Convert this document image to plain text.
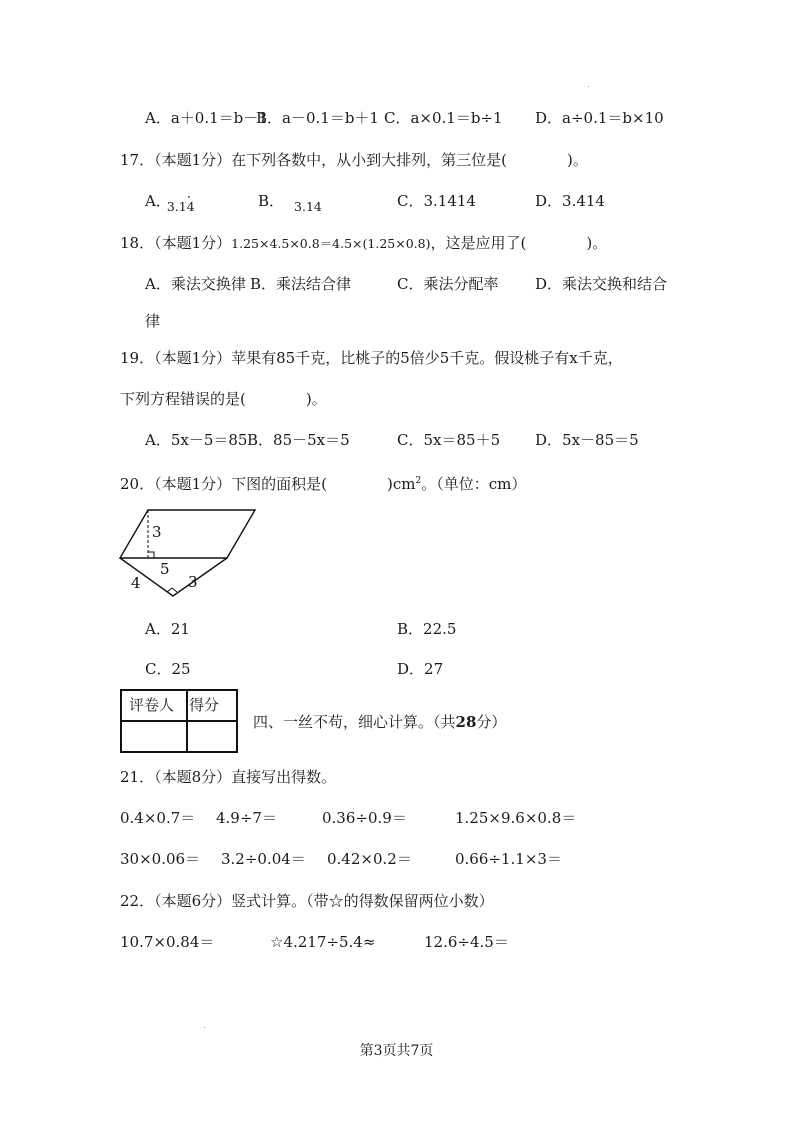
A．a＋0.1＝b－1
B．a－0.1＝b＋1 C．a×0.1＝b÷1 D．a÷0.1＝b×10
17．（本题1分）在下列各数中，从小到大排列，第三位是(　　　　)。
A．$_{3.14}$	B． $_{3.14}$	C．3.1414	D．3.414
18．（本题1分）1.25×4.5×0.8＝4.5×(1.25×0.8)，这是应用了(　　　　)。
A．乘法交换律 B．乘法结合律	C．乘法分配率 D．乘法交换和结合
律
19．（本题1分）苹果有85千克，比桃子的5倍少5千克。假设桃子有x千克，
下列方程错误的是(　　　　)。
A．5x－5＝85 B．85－5x＝5	C．5x＝85＋5 D．5x－85＝5
20．（本题1分）下图的面积是(　　　　)$cm^2$。（单位：cm）
3
5
4	3
A．21	B．22.5
C．25	D．27
评卷人 得分
四、一丝不苟，细心计算。（共28分）
21．（本题8分）直接写出得数。
0.4×0.7＝ 4.9÷7＝	0.36÷0.9＝	1.25×9.6×0.8＝
30×0.06＝ 3.2÷0.04＝ 0.42×0.2＝	0.66÷1.1×3＝
22．（本题6分）竖式计算。（带☆的得数保留两位小数）
10.7×0.84＝	☆4.217÷5.4≈	12.6÷4.5＝
第3页共7页
